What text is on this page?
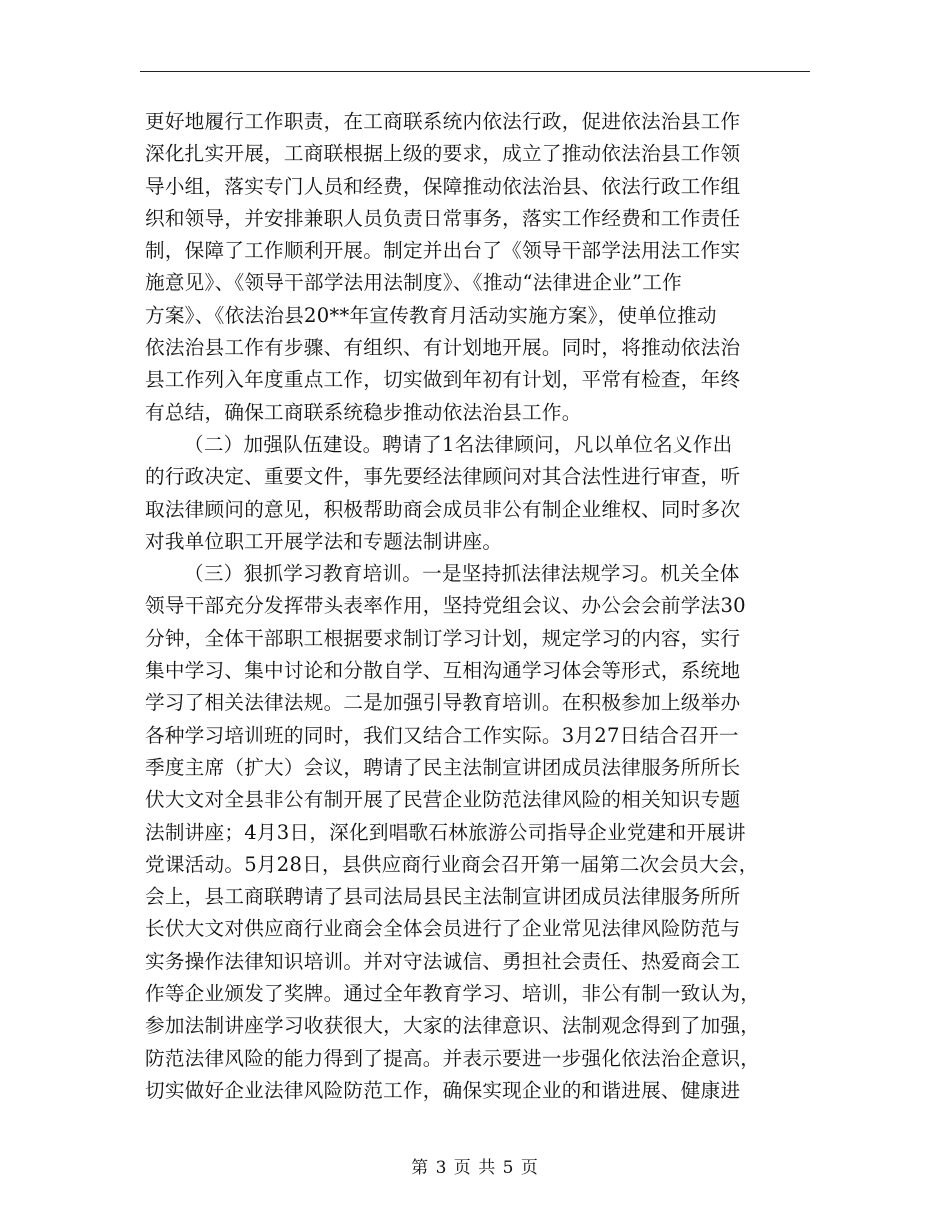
更好地履行工作职责，在工商联系统内依法行政，促进依法治县工作
深化扎实开展，工商联根据上级的要求，成立了推动依法治县工作领
导小组，落实专门人员和经费，保障推动依法治县、依法行政工作组
织和领导，并安排兼职人员负责日常事务，落实工作经费和工作责任
制，保障了工作顺利开展。制定并出台了《领导干部学法用法工作实
施意见》、《领导干部学法用法制度》、《推动“法律进企业”工作
方案》、《依法治县20**年宣传教育月活动实施方案》，使单位推动
依法治县工作有步骤、有组织、有计划地开展。同时，将推动依法治
县工作列入年度重点工作，切实做到年初有计划，平常有检查，年终
有总结，确保工商联系统稳步推动依法治县工作。
（二）加强队伍建设。聘请了1名法律顾问，凡以单位名义作出
的行政决定、重要文件，事先要经法律顾问对其合法性进行审查，听
取法律顾问的意见，积极帮助商会成员非公有制企业维权、同时多次
对我单位职工开展学法和专题法制讲座。
（三）狠抓学习教育培训。一是坚持抓法律法规学习。机关全体
领导干部充分发挥带头表率作用，坚持党组会议、办公会会前学法30
分钟，全体干部职工根据要求制订学习计划，规定学习的内容，实行
集中学习、集中讨论和分散自学、互相沟通学习体会等形式，系统地
学习了相关法律法规。二是加强引导教育培训。在积极参加上级举办
各种学习培训班的同时，我们又结合工作实际。3月27日结合召开一
季度主席（扩大）会议，聘请了民主法制宣讲团成员法律服务所所长
伏大文对全县非公有制开展了民营企业防范法律风险的相关知识专题
法制讲座；4月3日，深化到唱歌石林旅游公司指导企业党建和开展讲
党课活动。5月28日，县供应商行业商会召开第一届第二次会员大会，
会上，县工商联聘请了县司法局县民主法制宣讲团成员法律服务所所
长伏大文对供应商行业商会全体会员进行了企业常见法律风险防范与
实务操作法律知识培训。并对守法诚信、勇担社会责任、热爱商会工
作等企业颁发了奖牌。通过全年教育学习、培训，非公有制一致认为，
参加法制讲座学习收获很大，大家的法律意识、法制观念得到了加强，
防范法律风险的能力得到了提高。并表示要进一步强化依法治企意识，
切实做好企业法律风险防范工作，确保实现企业的和谐进展、健康进
第 3 页 共 5 页
